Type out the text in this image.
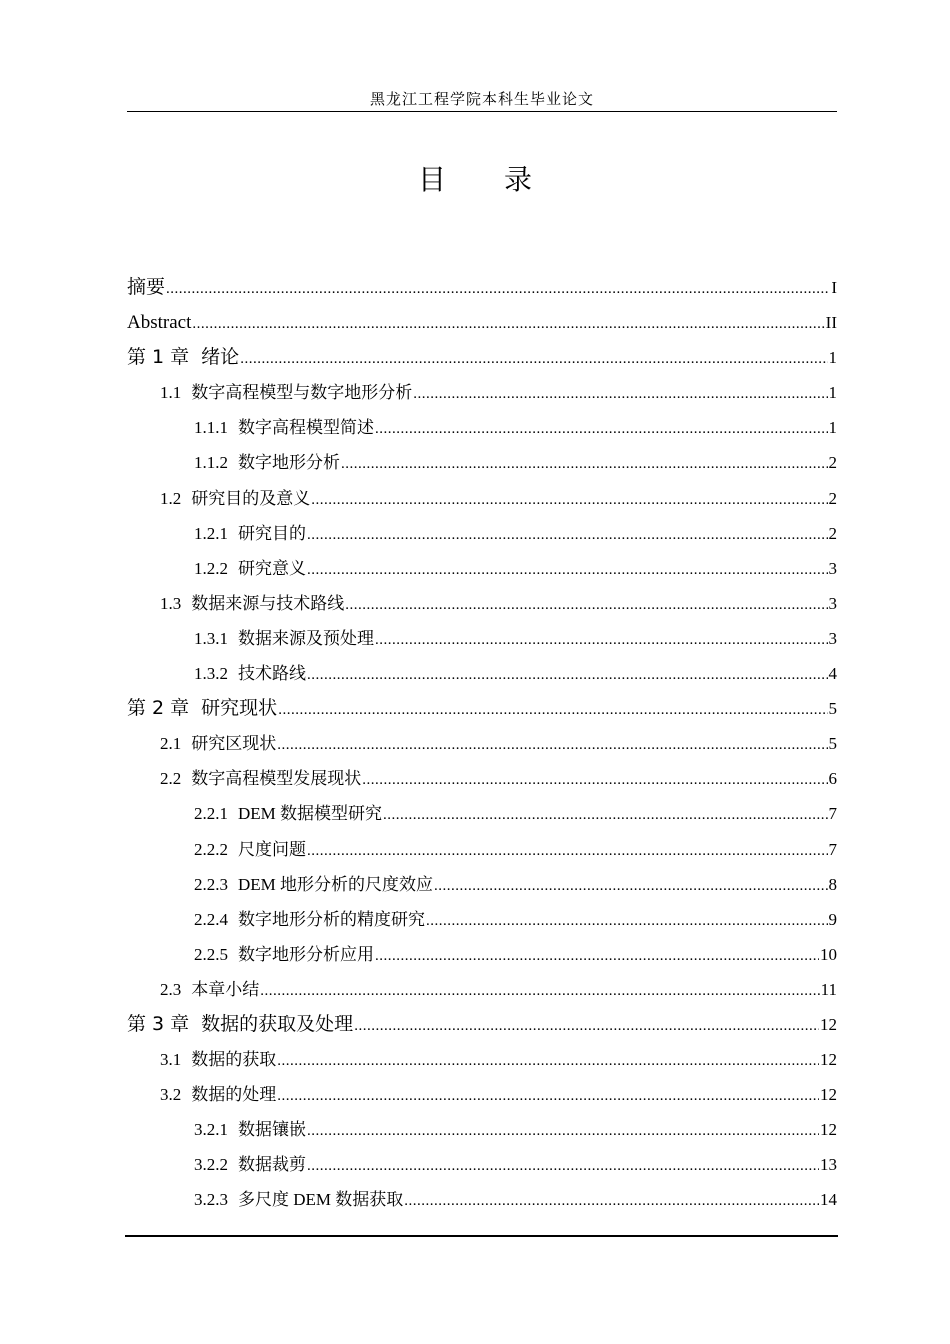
黑龙江工程学院本科生毕业论文
目录
摘要 .....	I
Abstract .....	II
第 1 章 绪论 .....	1
1.1 数字高程模型与数字地形分析 .....	1
1.1.1 数字高程模型简述 .....	1
1.1.2 数字地形分析 .....	2
1.2 研究目的及意义 .....	2
1.2.1 研究目的 .....	2
1.2.2 研究意义 .....	3
1.3 数据来源与技术路线 .....	3
1.3.1 数据来源及预处理 .....	3
1.3.2 技术路线 .....	4
第 2 章 研究现状 .....	5
2.1 研究区现状 .....	5
2.2 数字高程模型发展现状 .....	6
2.2.1 DEM 数据模型研究 .....	7
2.2.2 尺度问题 .....	7
2.2.3 DEM 地形分析的尺度效应 .....	8
2.2.4 数字地形分析的精度研究 .....	9
2.2.5 数字地形分析应用 .....	10
2.3 本章小结 .....	11
第 3 章 数据的获取及处理 .....	12
3.1 数据的获取 .....	12
3.2 数据的处理 .....	12
3.2.1 数据镶嵌 .....	12
3.2.2 数据裁剪 .....	13
3.2.3 多尺度 DEM 数据获取 .....	14
